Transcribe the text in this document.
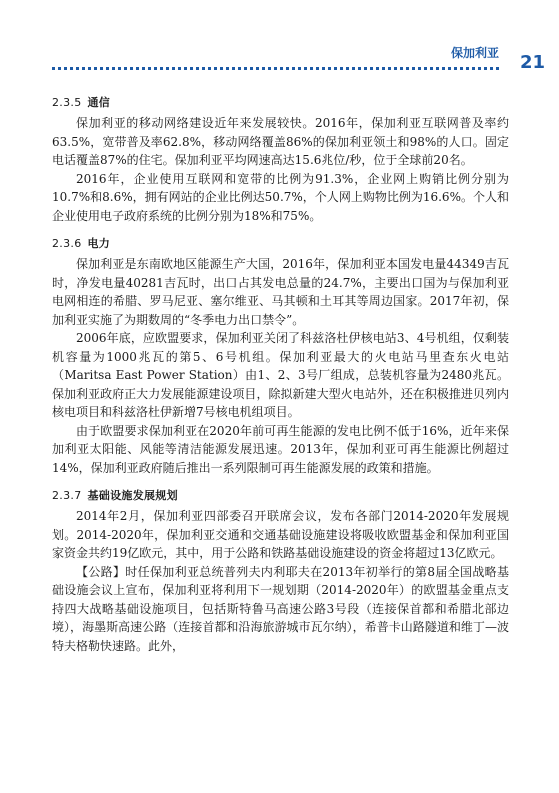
保加利亚 21
2.3.5 通信

保加利亚的移动网络建设近年来发展较快。2016年，保加利亚互联网普及率约63.5%，宽带普及率62.8%，移动网络覆盖86%的保加利亚领土和98%的人口。固定电话覆盖87%的住宅。保加利亚平均网速高达15.6兆位/秒，位于全球前20名。

2016年，企业使用互联网和宽带的比例为91.3%，企业网上购销比例分别为10.7%和8.6%，拥有网站的企业比例达50.7%，个人网上购物比例为16.6%。个人和企业使用电子政府系统的比例分别为18%和75%。

2.3.6 电力

保加利亚是东南欧地区能源生产大国，2016年，保加利亚本国发电量44349吉瓦时，净发电量40281吉瓦时，出口占其发电总量的24.7%，主要出口国为与保加利亚电网相连的希腊、罗马尼亚、塞尔维亚、马其顿和土耳其等周边国家。2017年初，保加利亚实施了为期数周的“冬季电力出口禁令”。

2006年底，应欧盟要求，保加利亚关闭了科兹洛杜伊核电站3、4号机组，仅剩装机容量为1000兆瓦的第5、6号机组。保加利亚最大的火电站马里查东火电站（Maritsa East Power Station）由1、2、3号厂组成，总装机容量为2480兆瓦。保加利亚政府正大力发展能源建设项目，除拟新建大型火电站外，还在积极推进贝列内核电项目和科兹洛杜伊新增7号核电机组项目。

由于欧盟要求保加利亚在2020年前可再生能源的发电比例不低于16%，近年来保加利亚太阳能、风能等清洁能源发展迅速。2013年，保加利亚可再生能源比例超过14%，保加利亚政府随后推出一系列限制可再生能源发展的政策和措施。

2.3.7 基础设施发展规划

2014年2月，保加利亚四部委召开联席会议，发布各部门2014-2020年发展规划。2014-2020年，保加利亚交通和交通基础设施建设将吸收欧盟基金和保加利亚国家资金共约19亿欧元，其中，用于公路和铁路基础设施建设的资金将超过13亿欧元。

【公路】时任保加利亚总统普列夫内利耶夫在2013年初举行的第8届全国战略基础设施会议上宣布，保加利亚将利用下一规划期（2014-2020年）的欧盟基金重点支持四大战略基础设施项目，包括斯特鲁马高速公路3号段（连接保首都和希腊北部边境），海墨斯高速公路（连接首都和沿海旅游城市瓦尔纳），希普卡山路隧道和维丁—波特夫格勒快速路。此外，
